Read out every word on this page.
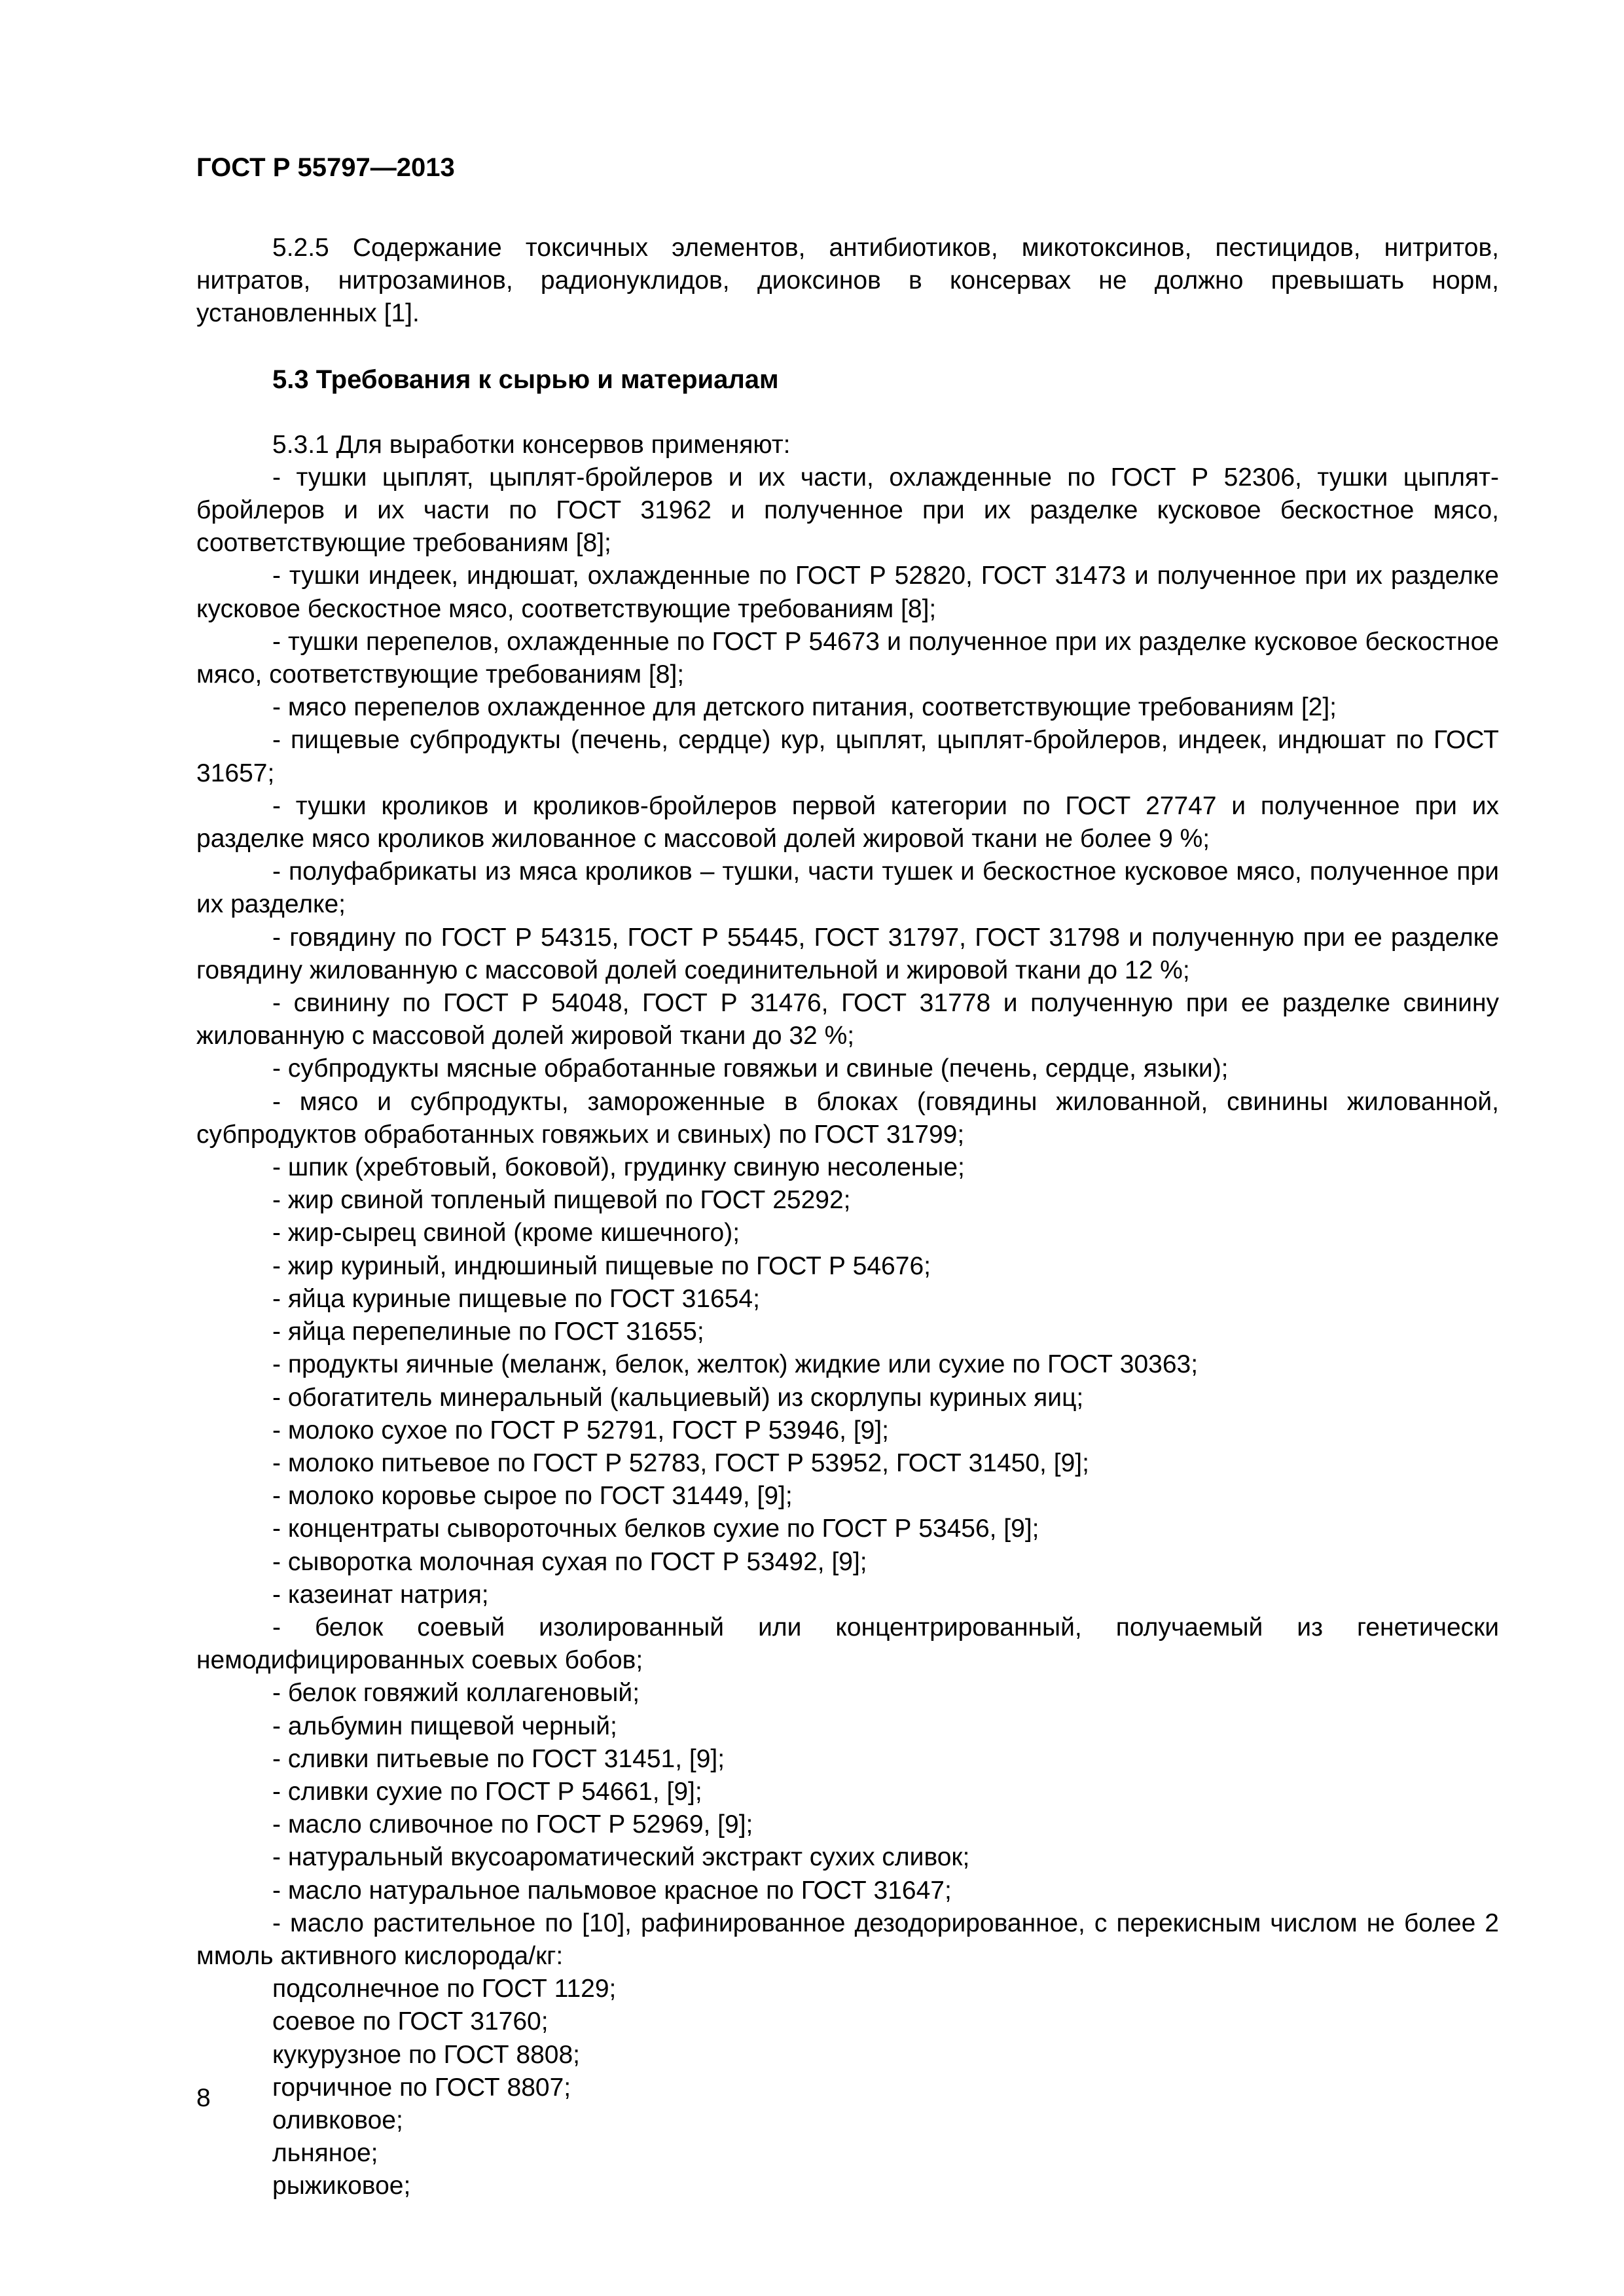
ГОСТ Р 55797—2013

5.2.5 Содержание токсичных элементов, антибиотиков, микотоксинов, пестицидов, нитритов, нитратов, нитрозаминов, радионуклидов, диоксинов в консервах не должно превышать норм, установленных [1].

5.3 Требования к сырью и материалам

5.3.1 Для выработки консервов применяют:

- тушки цыплят, цыплят-бройлеров и их части, охлажденные по ГОСТ Р 52306, тушки цыплят-бройлеров и их части по ГОСТ 31962 и полученное при их разделке кусковое бескостное мясо, соответствующие требованиям [8];

- тушки индеек, индюшат, охлажденные по ГОСТ Р 52820, ГОСТ 31473 и полученное при их разделке кусковое бескостное мясо, соответствующие требованиям [8];

- тушки перепелов, охлажденные по ГОСТ Р 54673 и полученное при их разделке кусковое бескостное мясо, соответствующие требованиям [8];

- мясо перепелов охлажденное для детского питания, соответствующие требованиям [2];

- пищевые субпродукты (печень, сердце) кур, цыплят, цыплят-бройлеров, индеек, индюшат по ГОСТ 31657;

- тушки кроликов и кроликов-бройлеров первой категории по ГОСТ 27747 и полученное при их разделке мясо кроликов жилованное с массовой долей жировой ткани не более 9 %;

- полуфабрикаты из мяса кроликов – тушки, части тушек и бескостное кусковое мясо, полученное при их разделке;

- говядину по ГОСТ Р 54315, ГОСТ Р 55445, ГОСТ 31797, ГОСТ 31798 и полученную при ее разделке говядину жилованную с массовой долей соединительной и жировой ткани до 12 %;

- свинину по ГОСТ Р 54048, ГОСТ Р 31476, ГОСТ 31778 и полученную при ее разделке свинину жилованную с массовой долей жировой ткани до 32 %;

- субпродукты мясные обработанные говяжьи и свиные (печень, сердце, языки);

- мясо и субпродукты, замороженные в блоках (говядины жилованной, свинины жилованной, субпродуктов обработанных говяжьих и свиных) по ГОСТ 31799;

- шпик (хребтовый, боковой), грудинку свиную несоленые;

- жир свиной топленый пищевой по ГОСТ 25292;

- жир-сырец свиной (кроме кишечного);

- жир куриный, индюшиный пищевые по ГОСТ Р 54676;

- яйца куриные пищевые по ГОСТ 31654;

- яйца перепелиные по ГОСТ 31655;

- продукты яичные (меланж, белок, желток) жидкие или сухие по ГОСТ 30363;

- обогатитель минеральный (кальциевый) из скорлупы куриных яиц;

- молоко сухое по ГОСТ Р 52791, ГОСТ Р 53946, [9];

- молоко питьевое по ГОСТ Р 52783, ГОСТ Р 53952, ГОСТ 31450, [9];

- молоко коровье сырое по ГОСТ 31449, [9];

- концентраты сывороточных белков сухие по ГОСТ Р 53456, [9];

- сыворотка молочная сухая по ГОСТ Р 53492, [9];

- казеинат натрия;

- белок соевый изолированный или концентрированный, получаемый из генетически немодифицированных соевых бобов;

- белок говяжий коллагеновый;

- альбумин пищевой черный;

- сливки питьевые по ГОСТ 31451, [9];

- сливки сухие по ГОСТ Р 54661, [9];

- масло сливочное по ГОСТ Р 52969, [9];

- натуральный вкусоароматический экстракт сухих сливок;

- масло натуральное пальмовое красное по ГОСТ 31647;

- масло растительное по [10], рафинированное дезодорированное, с перекисным числом не более 2 ммоль активного кислорода/кг:

подсолнечное по ГОСТ 1129;

соевое по ГОСТ 31760;

кукурузное по ГОСТ 8808;

горчичное по ГОСТ 8807;

оливковое;

льняное;

рыжиковое;

8
